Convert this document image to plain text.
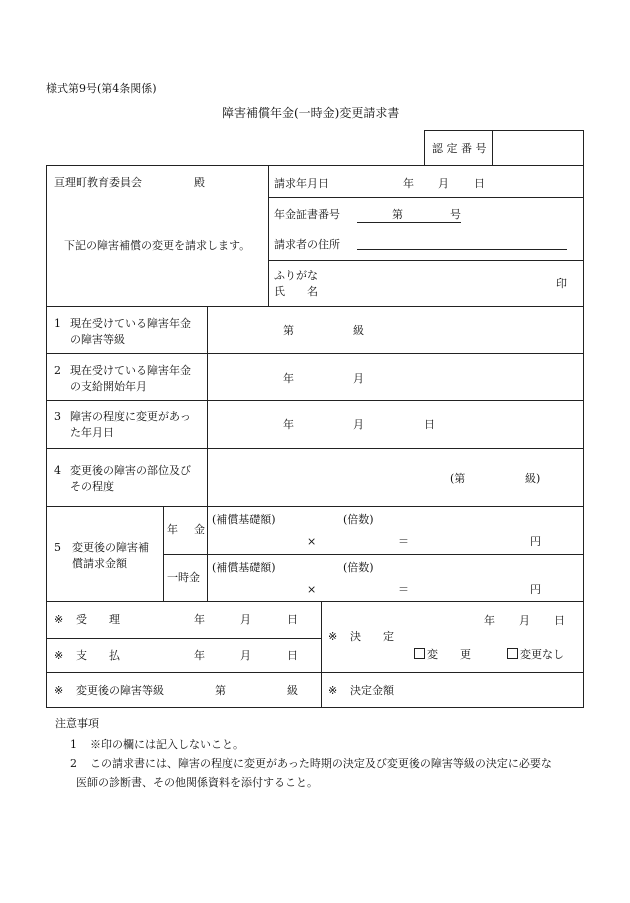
様式第9号(第4条関係)
障害補償年金(一時金)変更請求書
認 定 番 号
亘理町教育委員会	殿
下記の障害補償の変更を請求します。
請求年月日	年 月 日
年金証書番号	第	号
請求者の住所
ふりがな
氏　　名
印
1 現在受けている障害年金
の障害等級
第	級
2 現在受けている障害年金
の支給開始年月
年	月
3 障害の程度に変更があっ
た年月日
年	月	日
4 変更後の障害の部位及び
その程度
(第	級)
5 変更後の障害補
償請求金額
年 金
(補償基礎額)	(倍数)
×	＝	円
一時金
(補償基礎額)	(倍数)
×	＝	円
※ 受　　理	年	月	日
※ 支　　払	年	月	日
※ 変更後の障害等級	第	級
※ 決　　定
年 月 日
変　　更	変更なし
※ 決定金額
注意事項
1 ※印の欄には記入しないこと。
2 この請求書には、障害の程度に変更があった時期の決定及び変更後の障害等級の決定に必要な
医師の診断書、その他関係資料を添付すること。
